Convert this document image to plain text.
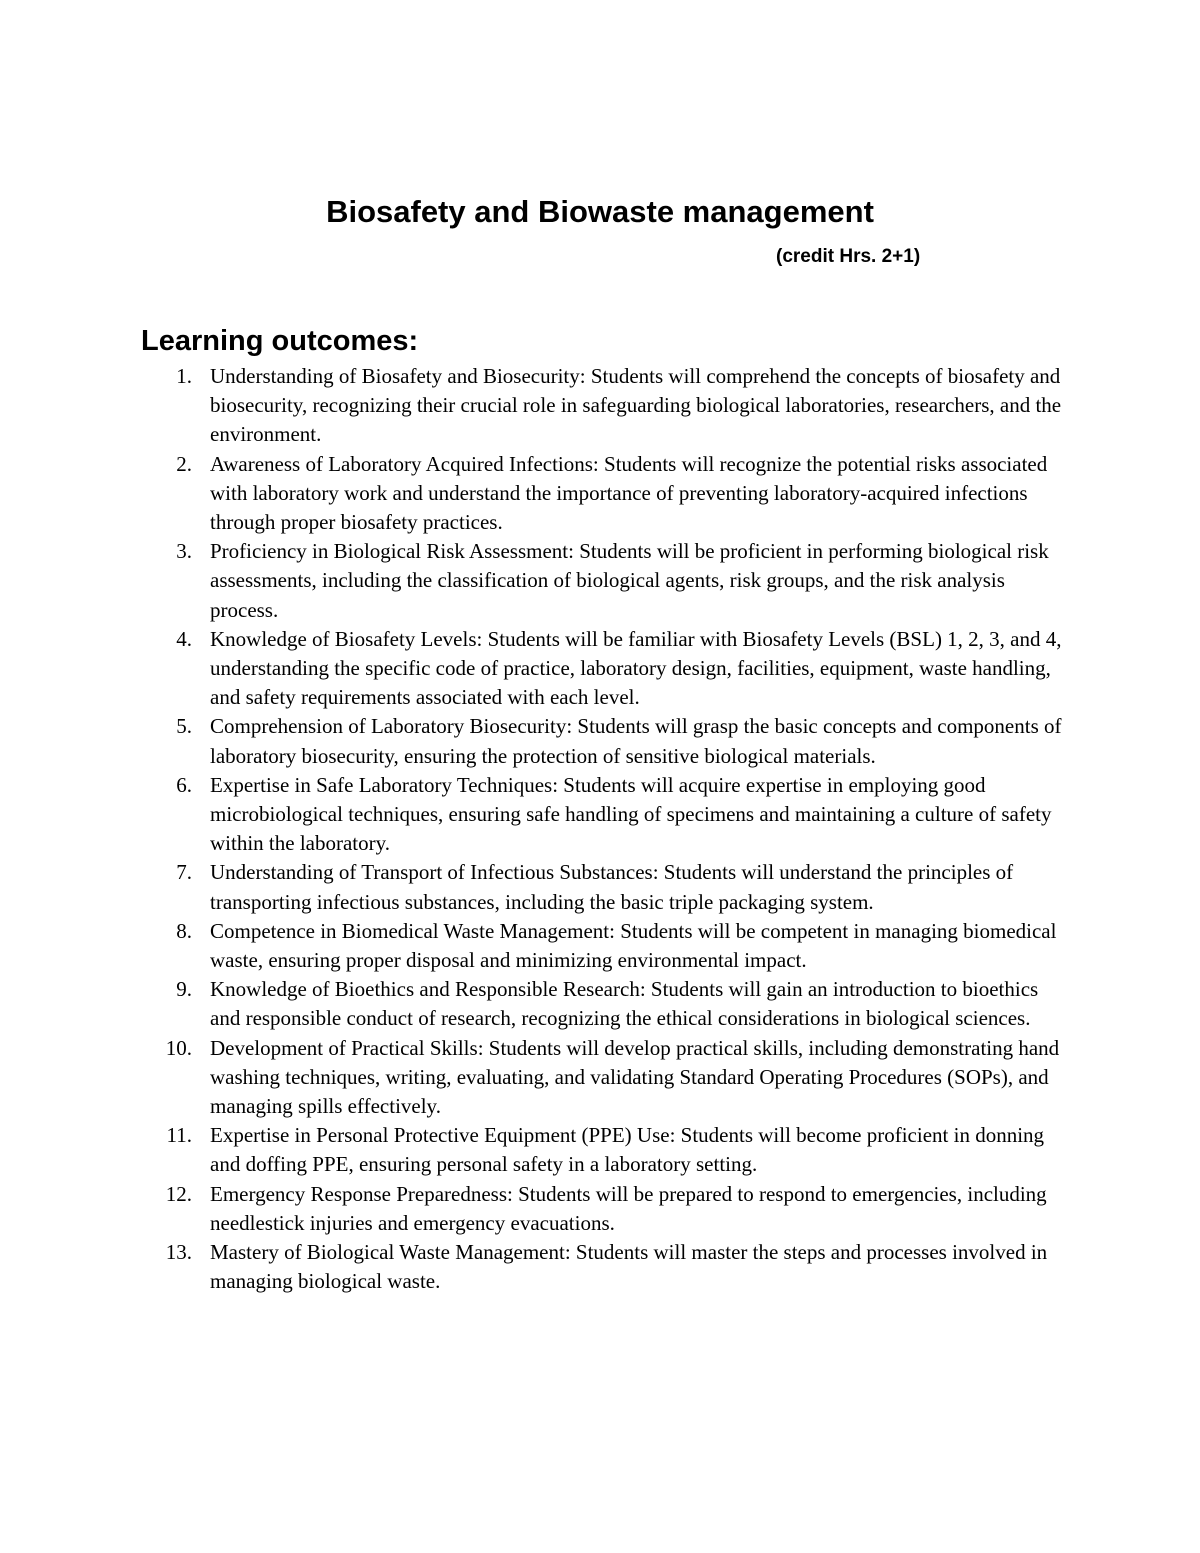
Biosafety and Biowaste management
(credit Hrs. 2+1)
Learning outcomes:
1. Understanding of Biosafety and Biosecurity: Students will comprehend the concepts of biosafety and biosecurity, recognizing their crucial role in safeguarding biological laboratories, researchers, and the environment.
2. Awareness of Laboratory Acquired Infections: Students will recognize the potential risks associated with laboratory work and understand the importance of preventing laboratory-acquired infections through proper biosafety practices.
3. Proficiency in Biological Risk Assessment: Students will be proficient in performing biological risk assessments, including the classification of biological agents, risk groups, and the risk analysis process.
4. Knowledge of Biosafety Levels: Students will be familiar with Biosafety Levels (BSL) 1, 2, 3, and 4, understanding the specific code of practice, laboratory design, facilities, equipment, waste handling, and safety requirements associated with each level.
5. Comprehension of Laboratory Biosecurity: Students will grasp the basic concepts and components of laboratory biosecurity, ensuring the protection of sensitive biological materials.
6. Expertise in Safe Laboratory Techniques: Students will acquire expertise in employing good microbiological techniques, ensuring safe handling of specimens and maintaining a culture of safety within the laboratory.
7. Understanding of Transport of Infectious Substances: Students will understand the principles of transporting infectious substances, including the basic triple packaging system.
8. Competence in Biomedical Waste Management: Students will be competent in managing biomedical waste, ensuring proper disposal and minimizing environmental impact.
9. Knowledge of Bioethics and Responsible Research: Students will gain an introduction to bioethics and responsible conduct of research, recognizing the ethical considerations in biological sciences.
10. Development of Practical Skills: Students will develop practical skills, including demonstrating hand washing techniques, writing, evaluating, and validating Standard Operating Procedures (SOPs), and managing spills effectively.
11. Expertise in Personal Protective Equipment (PPE) Use: Students will become proficient in donning and doffing PPE, ensuring personal safety in a laboratory setting.
12. Emergency Response Preparedness: Students will be prepared to respond to emergencies, including needlestick injuries and emergency evacuations.
13. Mastery of Biological Waste Management: Students will master the steps and processes involved in managing biological waste.
